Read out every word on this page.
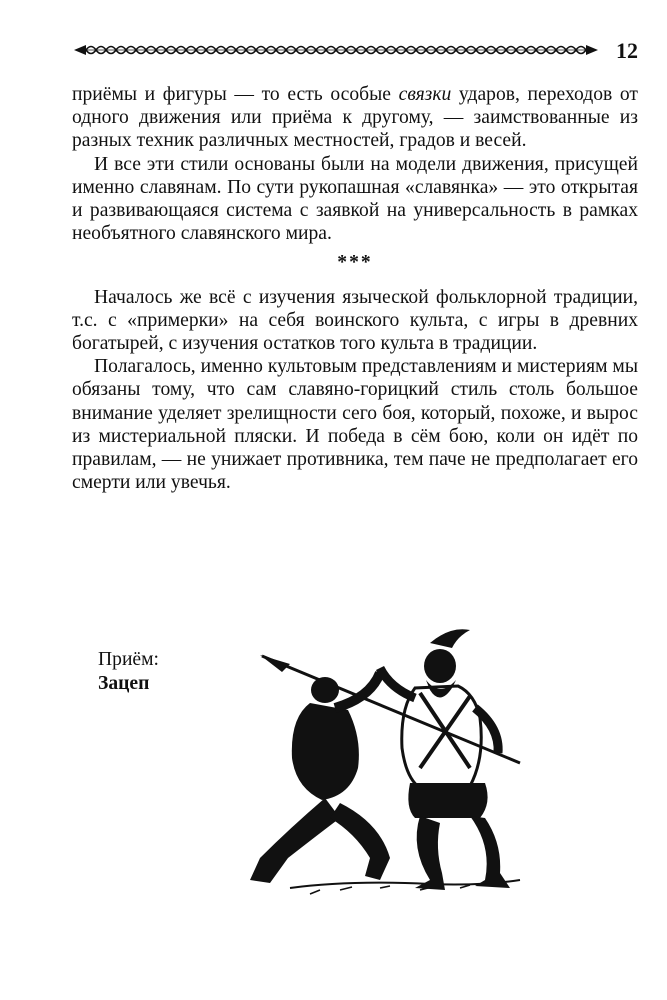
12

приёмы и фигуры — то есть особые связки ударов, переходов от одного движения или приёма к другому, — заимствованные из разных техник различных местностей, градов и весей.

И все эти стили основаны были на модели движения, присущей именно славянам. По сути рукопашная «славянка» — это открытая и развивающаяся система с заявкой на универсальность в рамках необъятного славянского мира.

***

Началось же всё с изучения языческой фольклорной традиции, т.с. с «примерки» на себя воинского культа, с игры в древних богатырей, с изучения остатков того культа в традиции.

Полагалось, именно культовым представлениям и мистериям мы обязаны тому, что сам славяно-горицкий стиль столь большое внимание уделяет зрелищности сего боя, который, похоже, и вырос из мистериальной пляски. И победа в сём бою, коли он идёт по правилам, — не унижает противника, тем паче не предполагает его смерти или увечья.

Приём:
Зацеп
